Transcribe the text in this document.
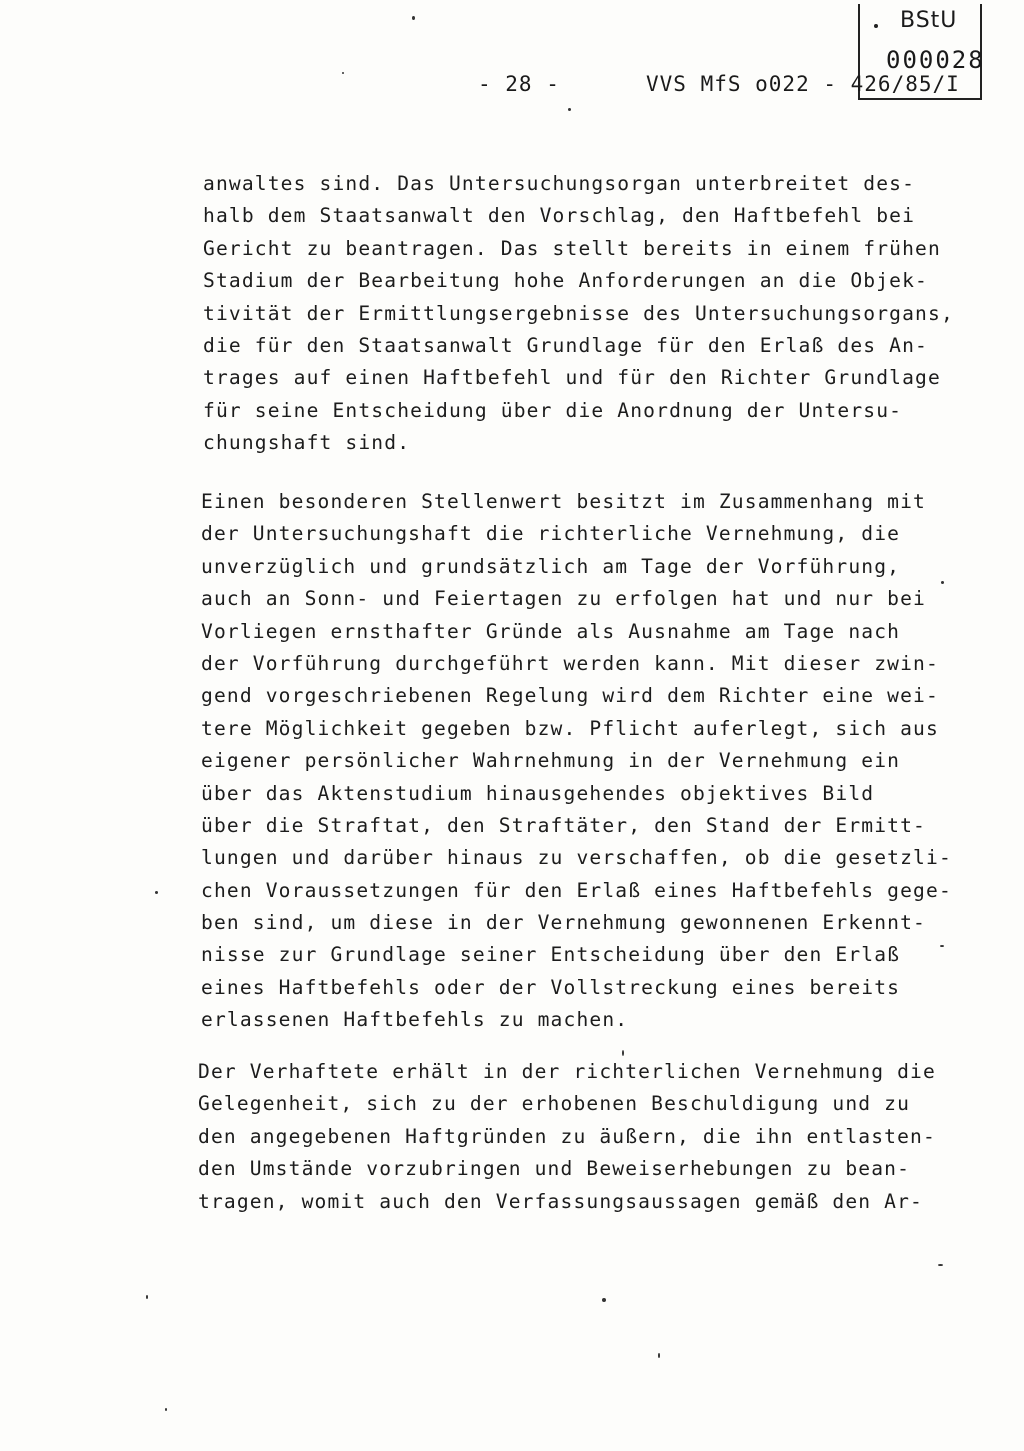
BStU
000028
- 28 -	VVS MfS o022 - 426/85/I
anwaltes sind. Das Untersuchungsorgan unterbreitet des-
halb dem Staatsanwalt den Vorschlag, den Haftbefehl bei
Gericht zu beantragen. Das stellt bereits in einem frühen
Stadium der Bearbeitung hohe Anforderungen an die Objek-
tivität der Ermittlungsergebnisse des Untersuchungsorgans,
die für den Staatsanwalt Grundlage für den Erlaß des An-
trages auf einen Haftbefehl und für den Richter Grundlage
für seine Entscheidung über die Anordnung der Untersu-
chungshaft sind.
Einen besonderen Stellenwert besitzt im Zusammenhang mit
der Untersuchungshaft die richterliche Vernehmung, die
unverzüglich und grundsätzlich am Tage der Vorführung,
auch an Sonn- und Feiertagen zu erfolgen hat und nur bei
Vorliegen ernsthafter Gründe als Ausnahme am Tage nach
der Vorführung durchgeführt werden kann. Mit dieser zwin-
gend vorgeschriebenen Regelung wird dem Richter eine wei-
tere Möglichkeit gegeben bzw. Pflicht auferlegt, sich aus
eigener persönlicher Wahrnehmung in der Vernehmung ein
über das Aktenstudium hinausgehendes objektives Bild
über die Straftat, den Straftäter, den Stand der Ermitt-
lungen und darüber hinaus zu verschaffen, ob die gesetzli-
chen Voraussetzungen für den Erlaß eines Haftbefehls gege-
ben sind, um diese in der Vernehmung gewonnenen Erkennt-
nisse zur Grundlage seiner Entscheidung über den Erlaß
eines Haftbefehls oder der Vollstreckung eines bereits
erlassenen Haftbefehls zu machen.
Der Verhaftete erhält in der richterlichen Vernehmung die
Gelegenheit, sich zu der erhobenen Beschuldigung und zu
den angegebenen Haftgründen zu äußern, die ihn entlasten-
den Umstände vorzubringen und Beweiserhebungen zu bean-
tragen, womit auch den Verfassungsaussagen gemäß den Ar-
